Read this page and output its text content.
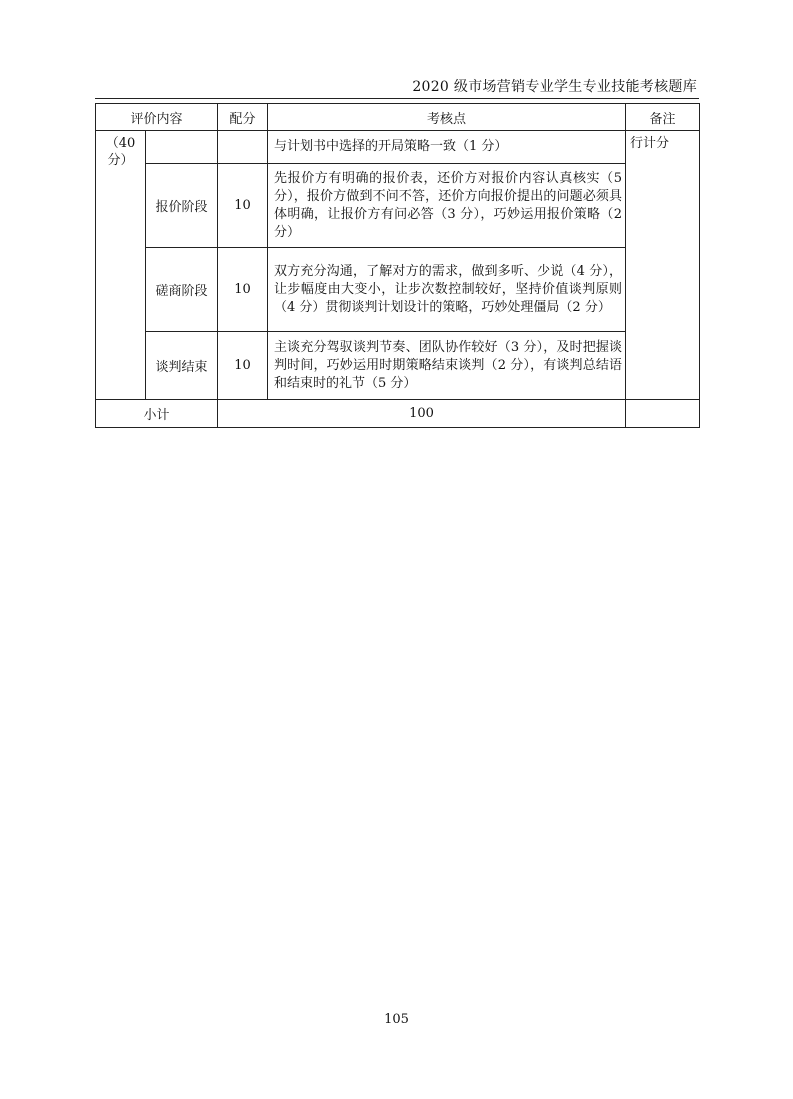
2020 级市场营销专业学生专业技能考核题库
评价内容		配分	考核点	备注
（40
分）			与计划书中选择的开局策略一致（1 分）	行计分
	报价阶段	10	先报价方有明确的报价表，还价方对报价内容认真核实（5 分），报价方做到不问不答，还价方向报价提出的问题必须具体明确，让报价方有问必答（3 分），巧妙运用报价策略（2 分）	
	磋商阶段	10	双方充分沟通，了解对方的需求，做到多听、少说（4 分），让步幅度由大变小，让步次数控制较好，坚持价值谈判原则（4 分）贯彻谈判计划设计的策略，巧妙处理僵局（2 分）	
	谈判结束	10	主谈充分驾驭谈判节奏、团队协作较好（3 分），及时把握谈判时间，巧妙运用时期策略结束谈判（2 分），有谈判总结语和结束时的礼节（5 分）	
小计		100		
105
